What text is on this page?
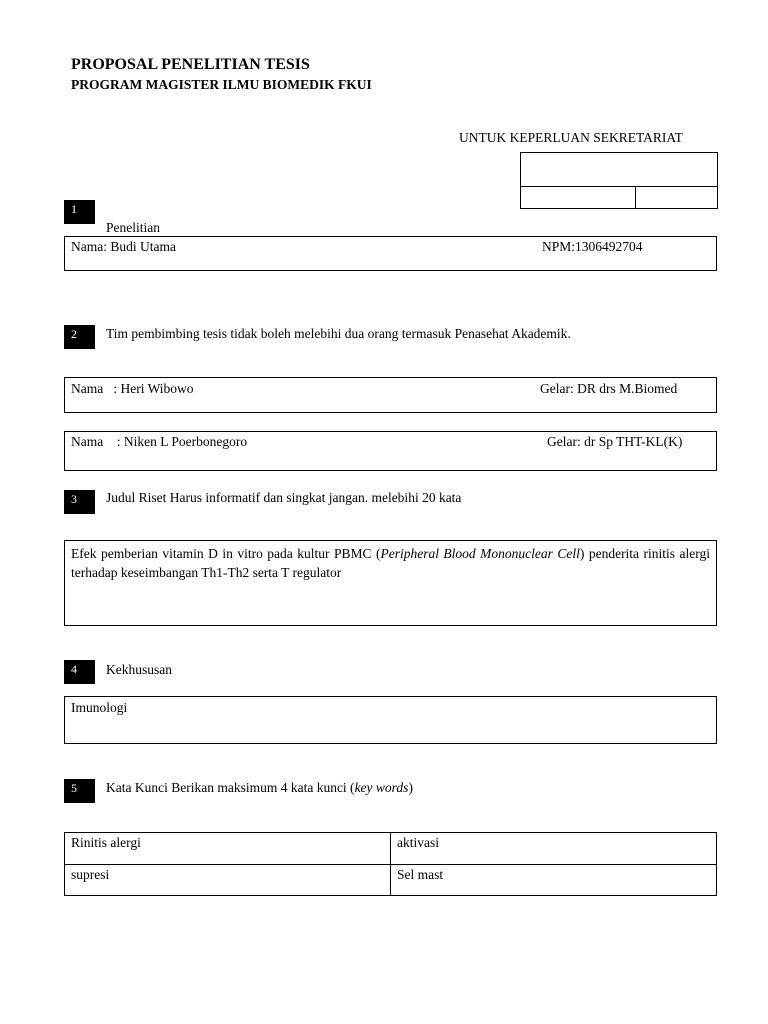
PROPOSAL PENELITIAN TESIS
PROGRAM MAGISTER ILMU BIOMEDIK FKUI
UNTUK KEPERLUAN SEKRETARIAT
1
Penelitian
Nama: Budi Utama	NPM:1306492704
2	Tim pembimbing tesis tidak boleh melebihi dua orang termasuk Penasehat Akademik.
Nama   : Heri Wibowo	Gelar: DR drs M.Biomed
Nama    : Niken L Poerbonegoro	Gelar: dr Sp THT-KL(K)
3	Judul Riset Harus informatif dan singkat jangan. melebihi 20 kata
Efek pemberian vitamin D in vitro pada kultur PBMC (Peripheral Blood Mononuclear Cell) penderita rinitis alergi terhadap keseimbangan Th1-Th2 serta T regulator
4	Kekhususan
Imunologi
5	Kata Kunci Berikan maksimum 4 kata kunci (key words)
Rinitis alergi	aktivasi
supresi	Sel mast
